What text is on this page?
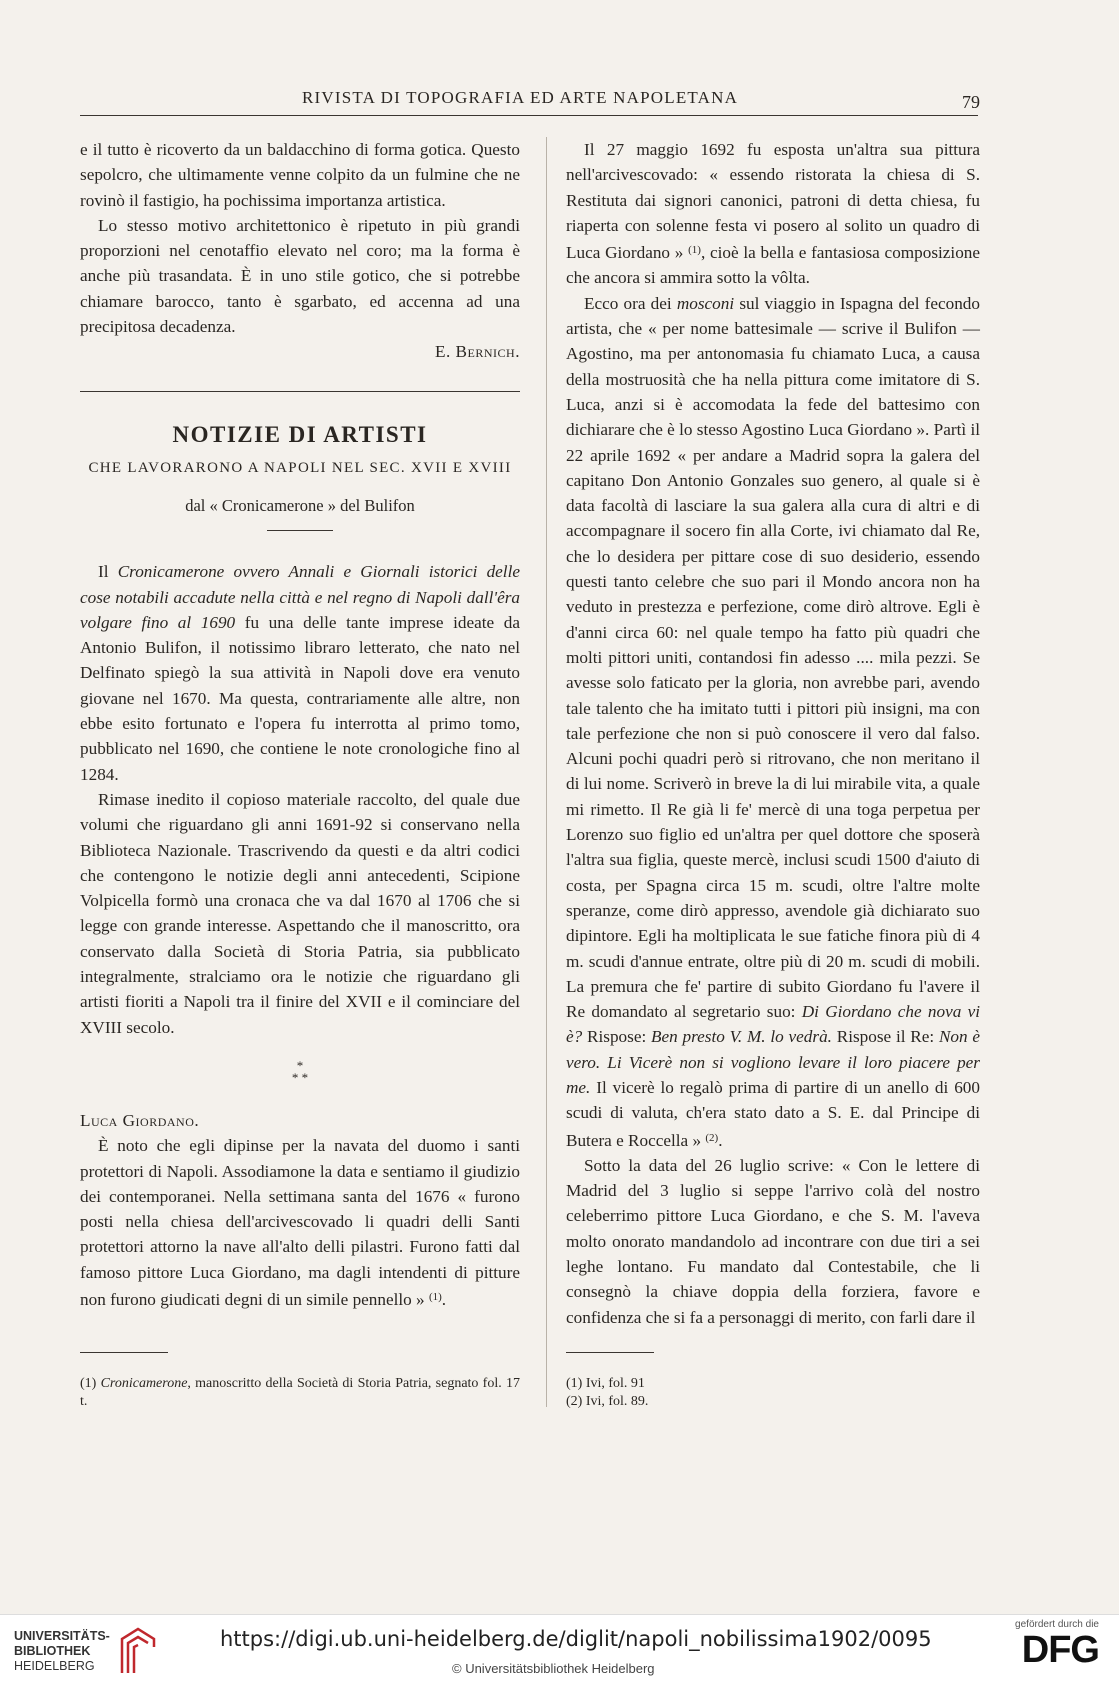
RIVISTA DI TOPOGRAFIA ED ARTE NAPOLETANA	79

e il tutto è ricoverto da un baldacchino di forma gotica. Questo sepolcro, che ultimamente venne colpito da un fulmine che ne rovinò il fastigio, ha pochissima importanza artistica.

Lo stesso motivo architettonico è ripetuto in più grandi proporzioni nel cenotaffio elevato nel coro; ma la forma è anche più trasandata. È in uno stile gotico, che si potrebbe chiamare barocco, tanto è sgarbato, ed accenna ad una precipitosa decadenza.

E. Bernich.

NOTIZIE DI ARTISTI
CHE LAVORARONO A NAPOLI NEL SEC. XVII E XVIII
dal « Cronicamerone » del Bulifon

Il Cronicamerone ovvero Annali e Giornali istorici delle cose notabili accadute nella città e nel regno di Napoli dall'êra volgare fino al 1690 fu una delle tante imprese ideate da Antonio Bulifon, il notissimo libraro letterato, che nato nel Delfinato spiegò la sua attività in Napoli dove era venuto giovane nel 1670. Ma questa, contrariamente alle altre, non ebbe esito fortunato e l'opera fu interrotta al primo tomo, pubblicato nel 1690, che contiene le note cronologiche fino al 1284.

Rimase inedito il copioso materiale raccolto, del quale due volumi che riguardano gli anni 1691-92 si conservano nella Biblioteca Nazionale. Trascrivendo da questi e da altri codici che contengono le notizie degli anni antecedenti, Scipione Volpicella formò una cronaca che va dal 1670 al 1706 che si legge con grande interesse. Aspettando che il manoscritto, ora conservato dalla Società di Storia Patria, sia pubblicato integralmente, stralciamo ora le notizie che riguardano gli artisti fioriti a Napoli tra il finire del XVII e il cominciare del XVIII secolo.

*
* *

Luca Giordano.

È noto che egli dipinse per la navata del duomo i santi protettori di Napoli. Assodiamone la data e sentiamo il giudizio dei contemporanei. Nella settimana santa del 1676 « furono posti nella chiesa dell'arcivescovado li quadri delli Santi protettori attorno la nave all'alto delli pilastri. Furono fatti dal famoso pittore Luca Giordano, ma dagli intendenti di pitture non furono giudicati degni di un simile pennello » $^{(1)}$.

Il 27 maggio 1692 fu esposta un'altra sua pittura nell'arcivescovado: « essendo ristorata la chiesa di S. Restituta dai signori canonici, patroni di detta chiesa, fu riaperta con solenne festa vi posero al solito un quadro di Luca Giordano » $^{(1)}$, cioè la bella e fantasiosa composizione che ancora si ammira sotto la vôlta.

Ecco ora dei mosconi sul viaggio in Ispagna del fecondo artista, che « per nome battesimale — scrive il Bulifon — Agostino, ma per antonomasia fu chiamato Luca, a causa della mostruosità che ha nella pittura come imitatore di S. Luca, anzi si è accomodata la fede del battesimo con dichiarare che è lo stesso Agostino Luca Giordano ». Partì il 22 aprile 1692 « per andare a Madrid sopra la galera del capitano Don Antonio Gonzales suo genero, al quale si è data facoltà di lasciare la sua galera alla cura di altri e di accompagnare il socero fin alla Corte, ivi chiamato dal Re, che lo desidera per pittare cose di suo desiderio, essendo questi tanto celebre che suo pari il Mondo ancora non ha veduto in prestezza e perfezione, come dirò altrove. Egli è d'anni circa 60: nel quale tempo ha fatto più quadri che molti pittori uniti, contandosi fin adesso .... mila pezzi. Se avesse solo faticato per la gloria, non avrebbe pari, avendo tale talento che ha imitato tutti i pittori più insigni, ma con tale perfezione che non si può conoscere il vero dal falso. Alcuni pochi quadri però si ritrovano, che non meritano il di lui nome. Scriverò in breve la di lui mirabile vita, a quale mi rimetto. Il Re già li fe' mercè di una toga perpetua per Lorenzo suo figlio ed un'altra per quel dottore che sposerà l'altra sua figlia, queste mercè, inclusi scudi 1500 d'aiuto di costa, per Spagna circa 15 m. scudi, oltre l'altre molte speranze, come dirò appresso, avendole già dichiarato suo dipintore. Egli ha moltiplicata le sue fatiche finora più di 4 m. scudi d'annue entrate, oltre più di 20 m. scudi di mobili. La premura che fe' partire di subito Giordano fu l'avere il Re domandato al segretario suo: Di Giordano che nova vi è? Rispose: Ben presto V. M. lo vedrà. Rispose il Re: Non è vero. Li Vicerè non si vogliono levare il loro piacere per me. Il vicerè lo regalò prima di partire di un anello di 600 scudi di valuta, ch'era stato dato a S. E. dal Principe di Butera e Roccella » $^{(2)}$.

Sotto la data del 26 luglio scrive: « Con le lettere di Madrid del 3 luglio si seppe l'arrivo colà del nostro celeberrimo pittore Luca Giordano, e che S. M. l'aveva molto onorato mandandolo ad incontrare con due tiri a sei leghe lontano. Fu mandato dal Contestabile, che li consegnò la chiave doppia della forziera, favore e confidenza che si fa a personaggi di merito, con farli dare il

(1) Cronicamerone, manoscritto della Società di Storia Patria, segnato fol. 17 t.
(1) Ivi, fol. 91
(2) Ivi, fol. 89.
UNIVERSITÄTS-
BIBLIOTHEK
HEIDELBERG
https://digi.ub.uni-heidelberg.de/diglit/napoli_nobilissima1902/0095
© Universitätsbibliothek Heidelberg
gefördert durch die
DFG
